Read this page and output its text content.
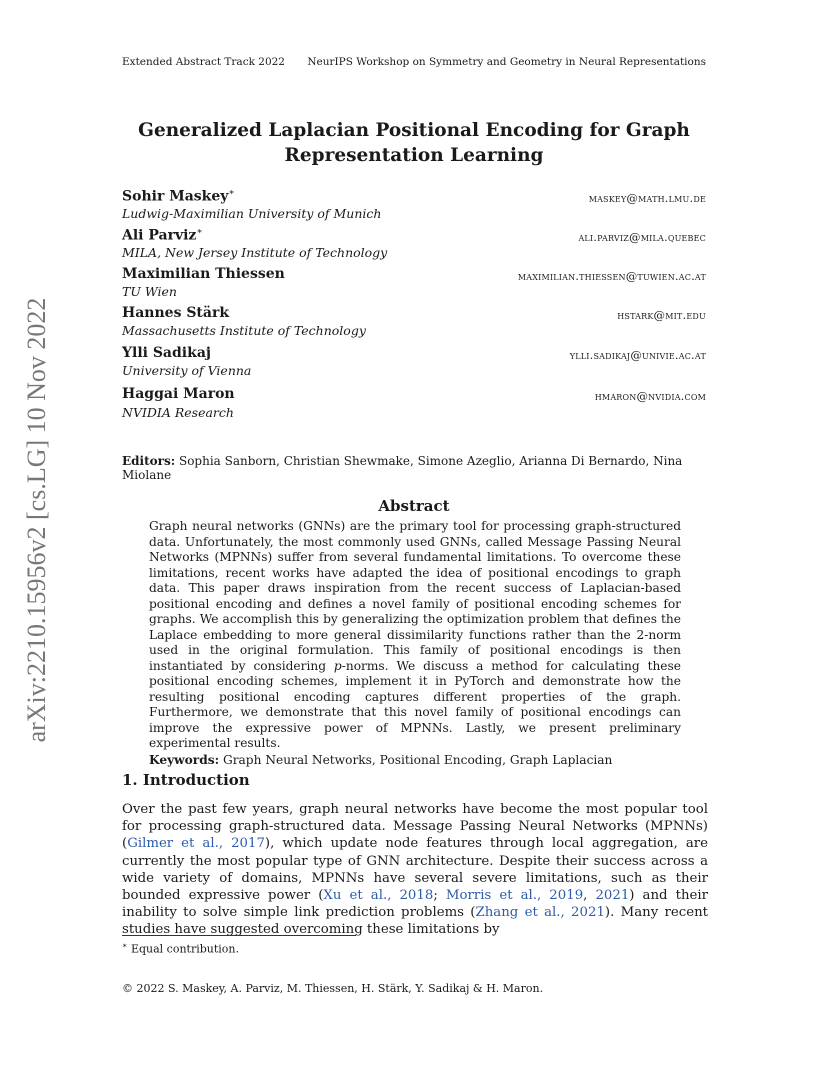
Extended Abstract Track 2022 NeurIPS Workshop on Symmetry and Geometry in Neural Representations
arXiv:2210.15956v2 [cs.LG] 10 Nov 2022
Generalized Laplacian Positional Encoding for Graph
Representation Learning
Sohir Maskey∗
Ludwig-Maximilian University of Munich
maskey@math.lmu.de
Ali Parviz∗
MILA, New Jersey Institute of Technology
ali.parviz@mila.quebec
Maximilian Thiessen
TU Wien
maximilian.thiessen@tuwien.ac.at
Hannes Stärk
Massachusetts Institute of Technology
hstark@mit.edu
Ylli Sadikaj
University of Vienna
ylli.sadikaj@univie.ac.at
Haggai Maron
NVIDIA Research
hmaron@nvidia.com
Editors: Sophia Sanborn, Christian Shewmake, Simone Azeglio, Arianna Di Bernardo, Nina Miolane
Abstract
Graph neural networks (GNNs) are the primary tool for processing graph-structured data. Unfortunately, the most commonly used GNNs, called Message Passing Neural Networks (MPNNs) suffer from several fundamental limitations. To overcome these limitations, recent works have adapted the idea of positional encodings to graph data. This paper draws inspiration from the recent success of Laplacian-based positional encoding and defines a novel family of positional encoding schemes for graphs. We accomplish this by generalizing the optimization problem that defines the Laplace embedding to more general dissimilarity functions rather than the 2-norm used in the original formulation. This family of positional encodings is then instantiated by considering p-norms. We discuss a method for calculating these positional encoding schemes, implement it in PyTorch and demonstrate how the resulting positional encoding captures different properties of the graph. Furthermore, we demonstrate that this novel family of positional encodings can improve the expressive power of MPNNs. Lastly, we present preliminary experimental results.
Keywords: Graph Neural Networks, Positional Encoding, Graph Laplacian
1. Introduction
Over the past few years, graph neural networks have become the most popular tool for processing graph-structured data. Message Passing Neural Networks (MPNNs) (Gilmer et al., 2017), which update node features through local aggregation, are currently the most popular type of GNN architecture. Despite their success across a wide variety of domains, MPNNs have several severe limitations, such as their bounded expressive power (Xu et al., 2018; Morris et al., 2019, 2021) and their inability to solve simple link prediction problems (Zhang et al., 2021). Many recent studies have suggested overcoming these limitations by
∗ Equal contribution.
© 2022 S. Maskey, A. Parviz, M. Thiessen, H. Stärk, Y. Sadikaj & H. Maron.
